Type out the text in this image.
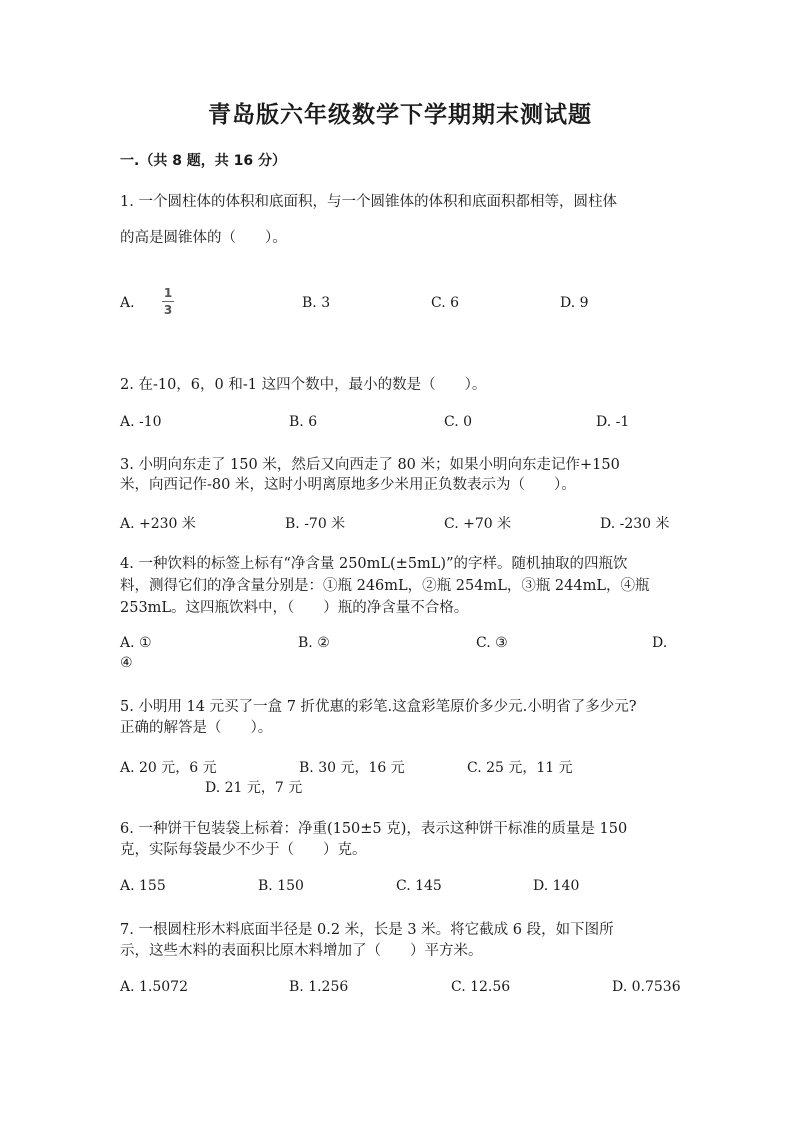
青岛版六年级数学下学期期末测试题
一.（共 8 题，共 16 分）
1. 一个圆柱体的体积和底面积，与一个圆锥体的体积和底面积都相等，圆柱体
的高是圆锥体的（　　）。
A.
1
3	B. 3	C. 6	D. 9
2. 在-10，6，0 和-1 这四个数中，最小的数是（　　）。
A. -10	B. 6	C. 0	D. -1
3. 小明向东走了 150 米，然后又向西走了 80 米；如果小明向东走记作+150
米，向西记作-80 米，这时小明离原地多少米用正负数表示为（　　）。
A. +230 米	B. -70 米	C. +70 米	D. -230 米
4. 一种饮料的标签上标有“净含量 250mL(±5mL)”的字样。随机抽取的四瓶饮
料，测得它们的净含量分别是：①瓶 246mL，②瓶 254mL，③瓶 244mL，④瓶
253mL。这四瓶饮料中，（　　）瓶的净含量不合格。
A. ①	B. ②	C. ③	D.
④
5. 小明用 14 元买了一盒 7 折优惠的彩笔.这盒彩笔原价多少元.小明省了多少元?
正确的解答是（　　）。
A. 20 元，6 元	B. 30 元，16 元	C. 25 元，11 元
D. 21 元，7 元
6. 一种饼干包装袋上标着：净重(150±5 克)，表示这种饼干标准的质量是 150
克，实际每袋最少不少于（　　）克。
A. 155	B. 150	C. 145	D. 140
7. 一根圆柱形木料底面半径是 0.2 米，长是 3 米。将它截成 6 段，如下图所
示，这些木料的表面积比原木料增加了（　　）平方米。
A. 1.5072	B. 1.256	C. 12.56	D. 0.7536
